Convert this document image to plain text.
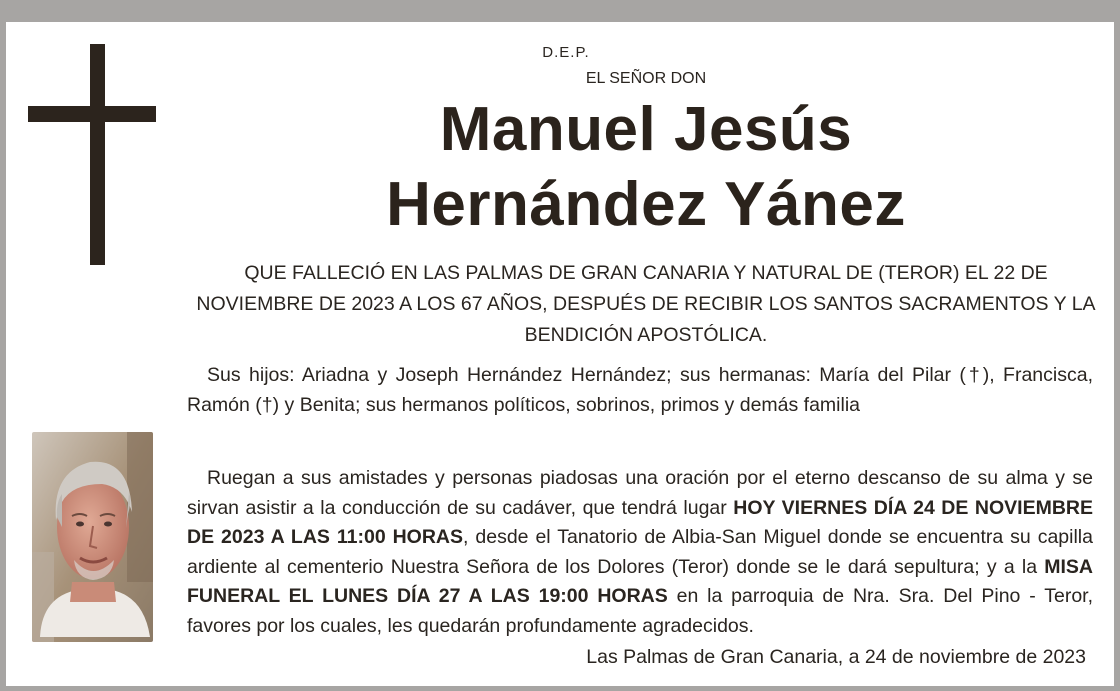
D.E.P.
EL SEÑOR DON
Manuel Jesús
Hernández Yánez
QUE FALLECIÓ EN LAS PALMAS DE GRAN CANARIA Y NATURAL DE (TEROR) EL 22 DE NOVIEMBRE DE 2023 A LOS 67 AÑOS, DESPUÉS DE RECIBIR LOS SANTOS SACRAMENTOS Y LA BENDICIÓN APOSTÓLICA.
Sus hijos: Ariadna y Joseph Hernández Hernández; sus hermanas: María del Pilar (†), Francisca, Ramón (†) y Benita; sus hermanos políticos, sobrinos, primos y demás familia
Ruegan a sus amistades y personas piadosas una oración por el eterno descanso de su alma y se sirvan asistir a la conducción de su cadáver, que tendrá lugar HOY VIERNES DÍA 24 DE NOVIEMBRE DE 2023 A LAS 11:00 HORAS, desde el Tanatorio de Albia-San Miguel donde se encuentra su capilla ardiente al cementerio Nuestra Señora de los Dolores (Teror) donde se le dará sepultura; y a la MISA FUNERAL EL LUNES DÍA 27 A LAS 19:00 HORAS en la parroquia de Nra. Sra. Del Pino - Teror, favores por los cuales, les quedarán profundamente agradecidos.
Las Palmas de Gran Canaria, a 24 de noviembre de 2023
